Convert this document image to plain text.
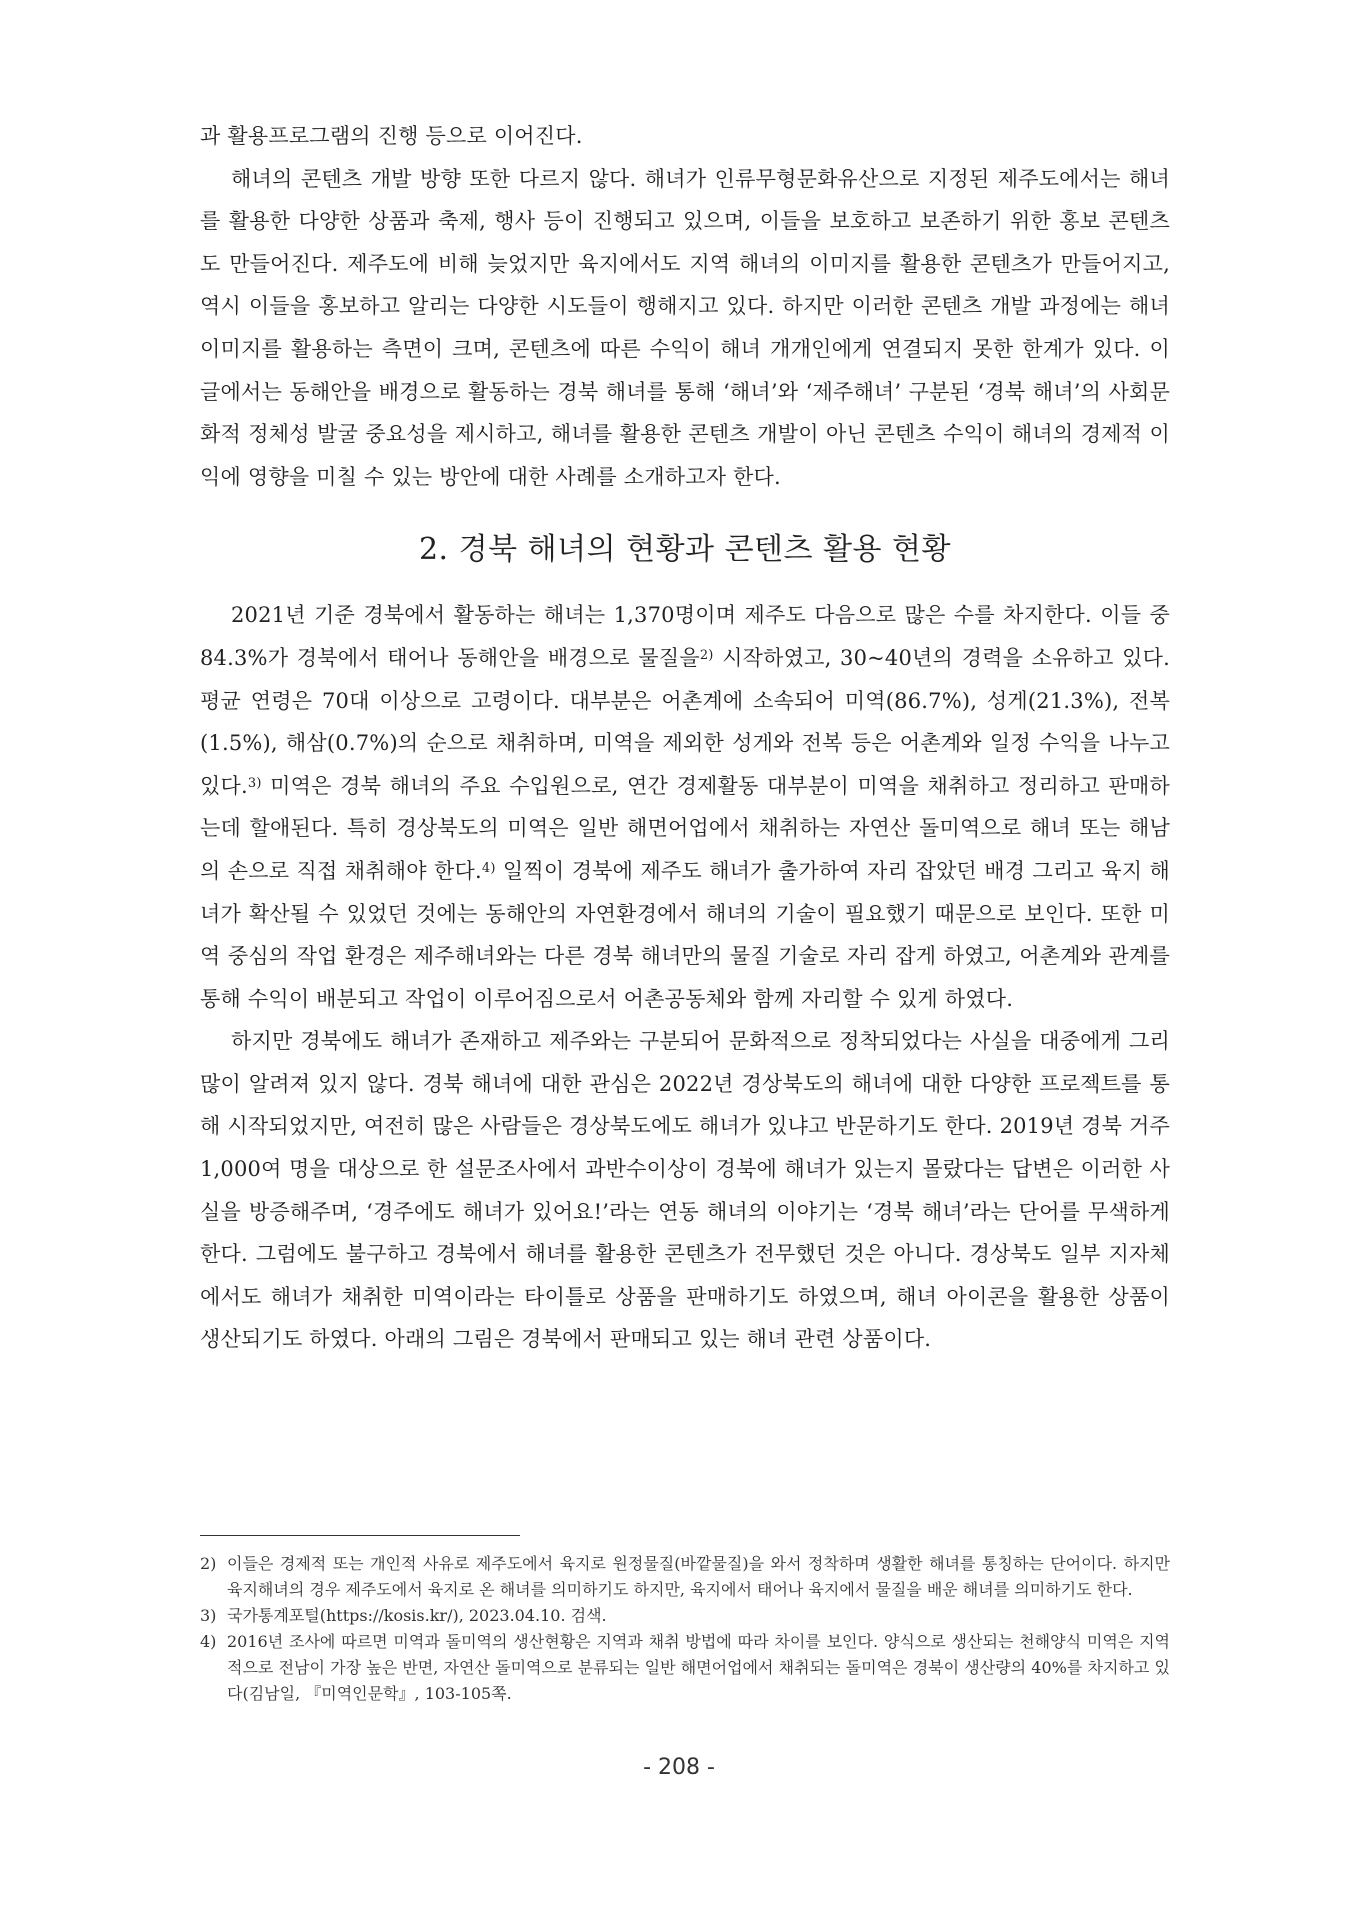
과 활용프로그램의 진행 등으로 이어진다.

해녀의 콘텐츠 개발 방향 또한 다르지 않다. 해녀가 인류무형문화유산으로 지정된 제주도에서는 해녀를 활용한 다양한 상품과 축제, 행사 등이 진행되고 있으며, 이들을 보호하고 보존하기 위한 홍보 콘텐츠도 만들어진다. 제주도에 비해 늦었지만 육지에서도 지역 해녀의 이미지를 활용한 콘텐츠가 만들어지고, 역시 이들을 홍보하고 알리는 다양한 시도들이 행해지고 있다. 하지만 이러한 콘텐츠 개발 과정에는 해녀 이미지를 활용하는 측면이 크며, 콘텐츠에 따른 수익이 해녀 개개인에게 연결되지 못한 한계가 있다. 이 글에서는 동해안을 배경으로 활동하는 경북 해녀를 통해 ‘해녀’와 ‘제주해녀’ 구분된 ‘경북 해녀’의 사회문화적 정체성 발굴 중요성을 제시하고, 해녀를 활용한 콘텐츠 개발이 아닌 콘텐츠 수익이 해녀의 경제적 이익에 영향을 미칠 수 있는 방안에 대한 사례를 소개하고자 한다.

2. 경북 해녀의 현황과 콘텐츠 활용 현황

2021년 기준 경북에서 활동하는 해녀는 1,370명이며 제주도 다음으로 많은 수를 차지한다. 이들 중 84.3%가 경북에서 태어나 동해안을 배경으로 물질을$^{2)}$ 시작하였고, 30~40년의 경력을 소유하고 있다. 평균 연령은 70대 이상으로 고령이다. 대부분은 어촌계에 소속되어 미역(86.7%), 성게(21.3%), 전복(1.5%), 해삼(0.7%)의 순으로 채취하며, 미역을 제외한 성게와 전복 등은 어촌계와 일정 수익을 나누고 있다.$^{3)}$ 미역은 경북 해녀의 주요 수입원으로, 연간 경제활동 대부분이 미역을 채취하고 정리하고 판매하는데 할애된다. 특히 경상북도의 미역은 일반 해면어업에서 채취하는 자연산 돌미역으로 해녀 또는 해남의 손으로 직접 채취해야 한다.$^{4)}$ 일찍이 경북에 제주도 해녀가 출가하여 자리 잡았던 배경 그리고 육지 해녀가 확산될 수 있었던 것에는 동해안의 자연환경에서 해녀의 기술이 필요했기 때문으로 보인다. 또한 미역 중심의 작업 환경은 제주해녀와는 다른 경북 해녀만의 물질 기술로 자리 잡게 하였고, 어촌계와 관계를 통해 수익이 배분되고 작업이 이루어짐으로서 어촌공동체와 함께 자리할 수 있게 하였다.

하지만 경북에도 해녀가 존재하고 제주와는 구분되어 문화적으로 정착되었다는 사실을 대중에게 그리 많이 알려져 있지 않다. 경북 해녀에 대한 관심은 2022년 경상북도의 해녀에 대한 다양한 프로젝트를 통해 시작되었지만, 여전히 많은 사람들은 경상북도에도 해녀가 있냐고 반문하기도 한다. 2019년 경북 거주 1,000여 명을 대상으로 한 설문조사에서 과반수이상이 경북에 해녀가 있는지 몰랐다는 답변은 이러한 사실을 방증해주며, ‘경주에도 해녀가 있어요!’라는 연동 해녀의 이야기는 ‘경북 해녀’라는 단어를 무색하게 한다. 그럼에도 불구하고 경북에서 해녀를 활용한 콘텐츠가 전무했던 것은 아니다. 경상북도 일부 지자체에서도 해녀가 채취한 미역이라는 타이틀로 상품을 판매하기도 하였으며, 해녀 아이콘을 활용한 상품이 생산되기도 하였다. 아래의 그림은 경북에서 판매되고 있는 해녀 관련 상품이다.

2) 이들은 경제적 또는 개인적 사유로 제주도에서 육지로 원정물질(바깥물질)을 와서 정착하며 생활한 해녀를 통칭하는 단어이다. 하지만 육지해녀의 경우 제주도에서 육지로 온 해녀를 의미하기도 하지만, 육지에서 태어나 육지에서 물질을 배운 해녀를 의미하기도 한다.
3) 국가통계포털(https://kosis.kr/), 2023.04.10. 검색.
4) 2016년 조사에 따르면 미역과 돌미역의 생산현황은 지역과 채취 방법에 따라 차이를 보인다. 양식으로 생산되는 천해양식 미역은 지역적으로 전남이 가장 높은 반면, 자연산 돌미역으로 분류되는 일반 해면어업에서 채취되는 돌미역은 경북이 생산량의 40%를 차지하고 있다(김남일, 『미역인문학』, 103-105쪽.
- 208 -
